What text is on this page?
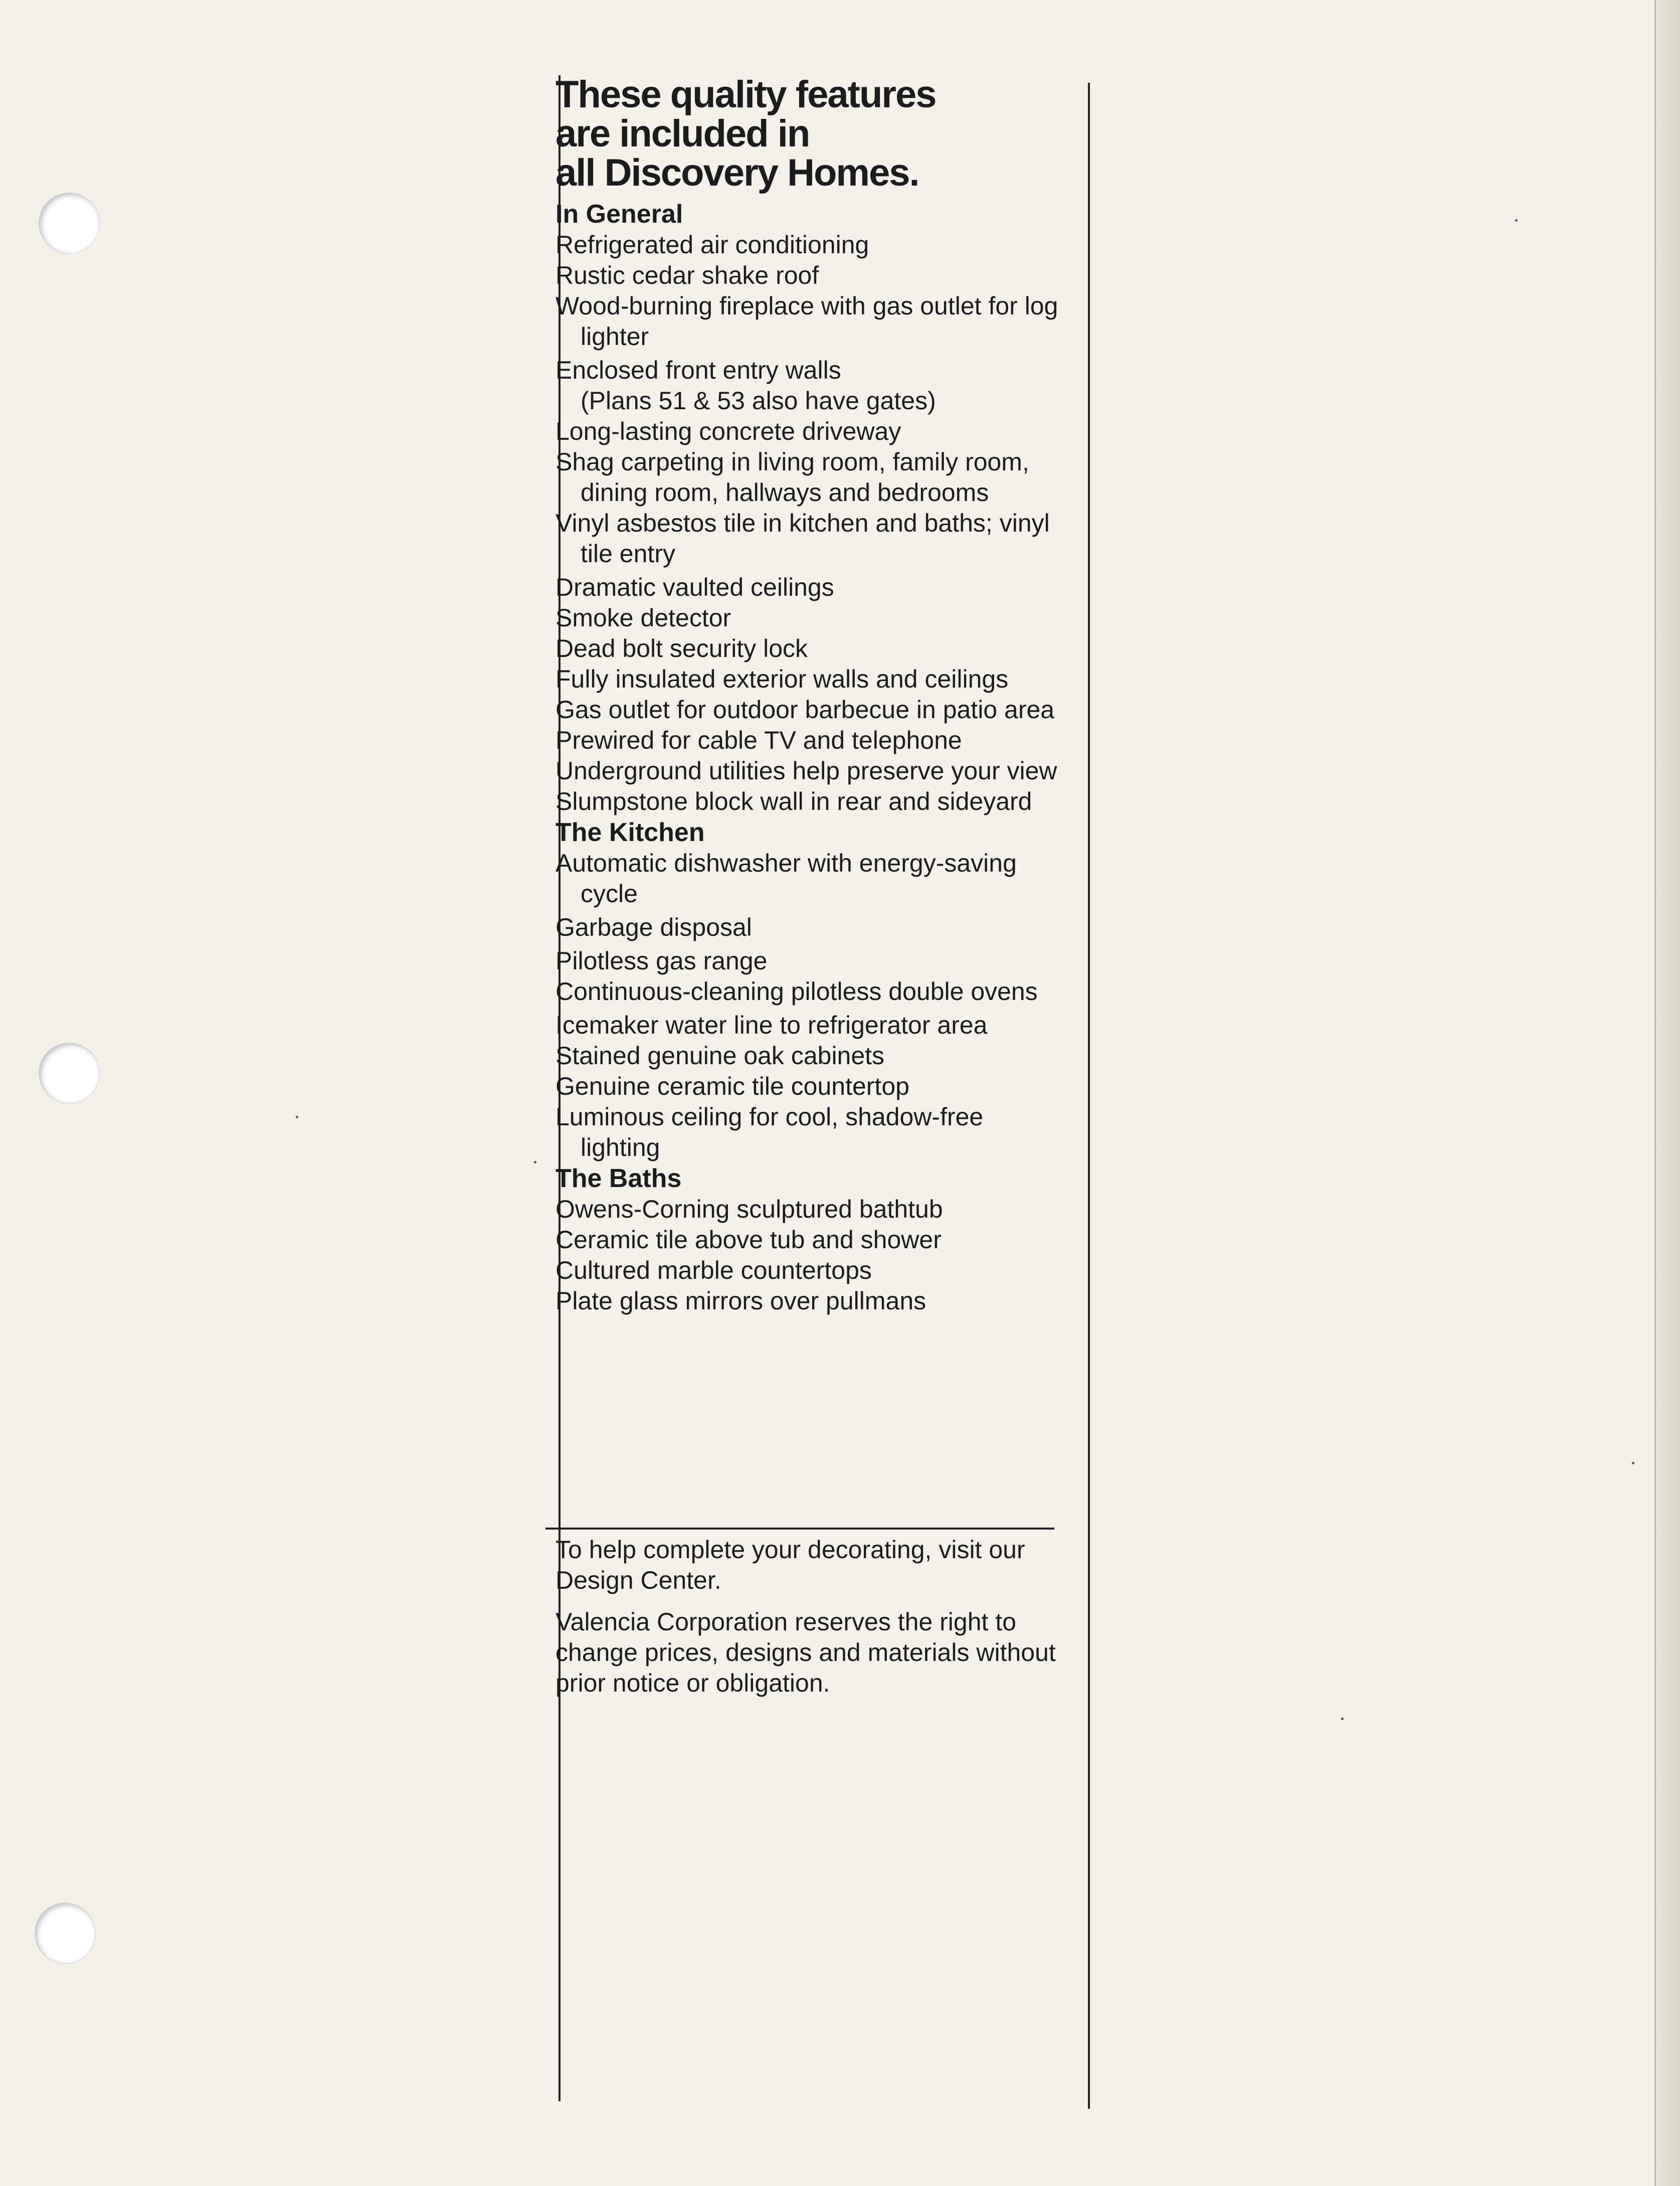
These quality features
are included in
all Discovery Homes.
In General

Refrigerated air conditioning

Rustic cedar shake roof

Wood-burning fireplace with gas outlet for log lighter

Enclosed front entry walls

(Plans 51 & 53 also have gates)

Long-lasting concrete driveway

Shag carpeting in living room, family room, dining room, hallways and bedrooms

Vinyl asbestos tile in kitchen and baths; vinyl tile entry

Dramatic vaulted ceilings

Smoke detector

Dead bolt security lock

Fully insulated exterior walls and ceilings

Gas outlet for outdoor barbecue in patio area

Prewired for cable TV and telephone

Underground utilities help preserve your view

Slumpstone block wall in rear and sideyard

The Kitchen

Automatic dishwasher with energy-saving cycle

Garbage disposal

Pilotless gas range

Continuous-cleaning pilotless double ovens

Icemaker water line to refrigerator area

Stained genuine oak cabinets

Genuine ceramic tile countertop

Luminous ceiling for cool, shadow-free lighting

The Baths

Owens-Corning sculptured bathtub

Ceramic tile above tub and shower

Cultured marble countertops

Plate glass mirrors over pullmans

To help complete your decorating, visit our Design Center.

Valencia Corporation reserves the right to change prices, designs and materials without prior notice or obligation.
